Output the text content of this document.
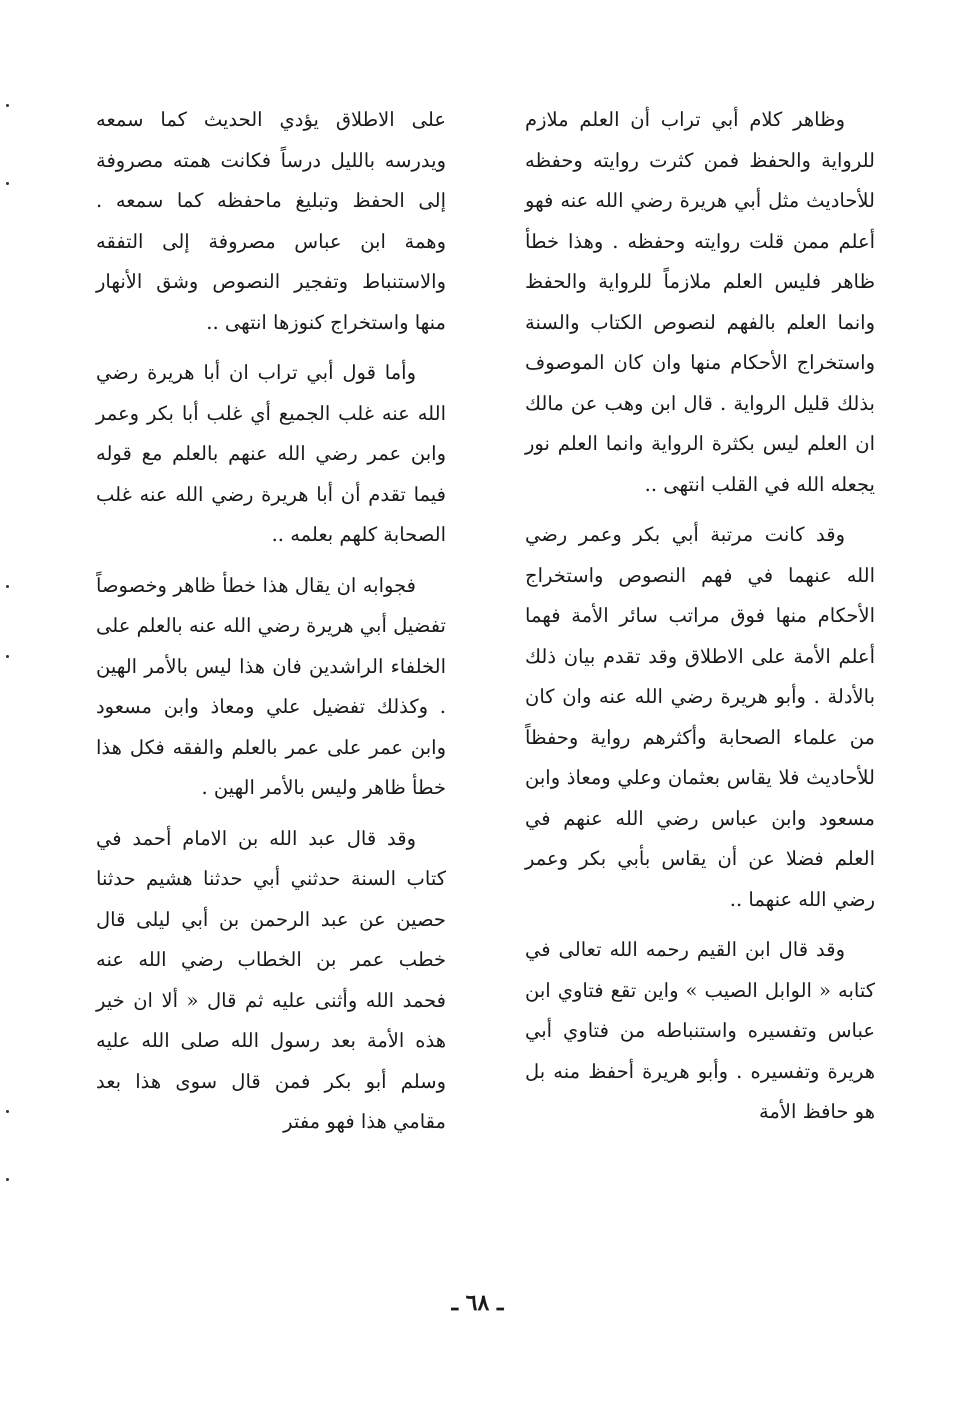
وظاهر كلام أبي تراب أن العلم ملازم للرواية والحفظ فمن كثرت روايته وحفظه للأحاديث مثل أبي هريرة رضي الله عنه فهو أعلم ممن قلت روايته وحفظه . وهذا خطأ ظاهر فليس العلم ملازماً للرواية والحفظ وانما العلم بالفهم لنصوص الكتاب والسنة واستخراج الأحكام منها وان كان الموصوف بذلك قليل الرواية . قال ابن وهب عن مالك ان العلم ليس بكثرة الرواية وانما العلم نور يجعله الله في القلب انتهى ..

وقد كانت مرتبة أبي بكر وعمر رضي الله عنهما في فهم النصوص واستخراج الأحكام منها فوق مراتب سائر الأمة فهما أعلم الأمة على الاطلاق وقد تقدم بيان ذلك بالأدلة . وأبو هريرة رضي الله عنه وان كان من علماء الصحابة وأكثرهم رواية وحفظاً للأحاديث فلا يقاس بعثمان وعلي ومعاذ وابن مسعود وابن عباس رضي الله عنهم في العلم فضلا عن أن يقاس بأبي بكر وعمر رضي الله عنهما ..

وقد قال ابن القيم رحمه الله تعالى في كتابه « الوابل الصيب » واين تقع فتاوي ابن عباس وتفسيره واستنباطه من فتاوي أبي هريرة وتفسيره . وأبو هريرة أحفظ منه بل هو حافظ الأمة

على الاطلاق يؤدي الحديث كما سمعه ويدرسه بالليل درساً فكانت همته مصروفة إلى الحفظ وتبليغ ماحفظه كما سمعه . وهمة ابن عباس مصروفة إلى التفقه والاستنباط وتفجير النصوص وشق الأنهار منها واستخراج كنوزها انتهى ..

وأما قول أبي تراب ان أبا هريرة رضي الله عنه غلب الجميع أي غلب أبا بكر وعمر وابن عمر رضي الله عنهم بالعلم مع قوله فيما تقدم أن أبا هريرة رضي الله عنه غلب الصحابة كلهم بعلمه ..

فجوابه ان يقال هذا خطأ ظاهر وخصوصاً تفضيل أبي هريرة رضي الله عنه بالعلم على الخلفاء الراشدين فان هذا ليس بالأمر الهين . وكذلك تفضيل علي ومعاذ وابن مسعود وابن عمر على عمر بالعلم والفقه فكل هذا خطأ ظاهر وليس بالأمر الهين .

وقد قال عبد الله بن الامام أحمد في كتاب السنة حدثني أبي حدثنا هشيم حدثنا حصين عن عبد الرحمن بن أبي ليلى قال خطب عمر بن الخطاب رضي الله عنه فحمد الله وأثنى عليه ثم قال « ألا ان خير هذه الأمة بعد رسول الله صلى الله عليه وسلم أبو بكر فمن قال سوى هذا بعد مقامي هذا فهو مفتر

ـ ٦٨ ـ
